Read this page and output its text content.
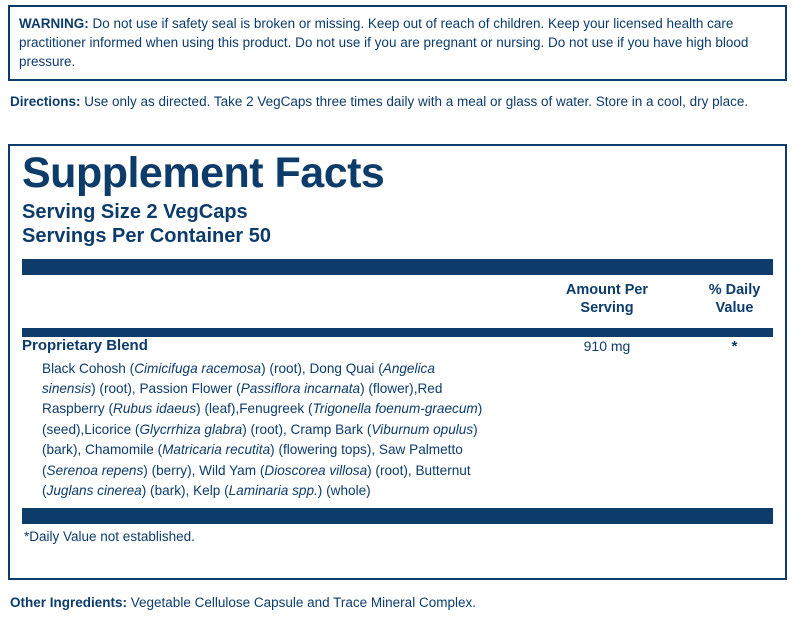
WARNING: Do not use if safety seal is broken or missing. Keep out of reach of children. Keep your licensed health care practitioner informed when using this product. Do not use if you are pregnant or nursing. Do not use if you have high blood pressure.
Directions: Use only as directed. Take 2 VegCaps three times daily with a meal or glass of water. Store in a cool, dry place.
Supplement Facts
Serving Size 2 VegCaps
Servings Per Container 50
Amount Per
Serving
% Daily
Value
Proprietary Blend	910 mg	*
Black Cohosh (Cimicifuga racemosa) (root), Dong Quai (Angelica sinensis) (root), Passion Flower (Passiflora incarnata) (flower),Red Raspberry (Rubus idaeus) (leaf),Fenugreek (Trigonella foenum-graecum) (seed),Licorice (Glycrrhiza glabra) (root), Cramp Bark (Viburnum opulus) (bark), Chamomile (Matricaria recutita) (flowering tops), Saw Palmetto (Serenoa repens) (berry), Wild Yam (Dioscorea villosa) (root), Butternut (Juglans cinerea) (bark), Kelp (Laminaria spp.) (whole)
*Daily Value not established.
Other Ingredients: Vegetable Cellulose Capsule and Trace Mineral Complex.
